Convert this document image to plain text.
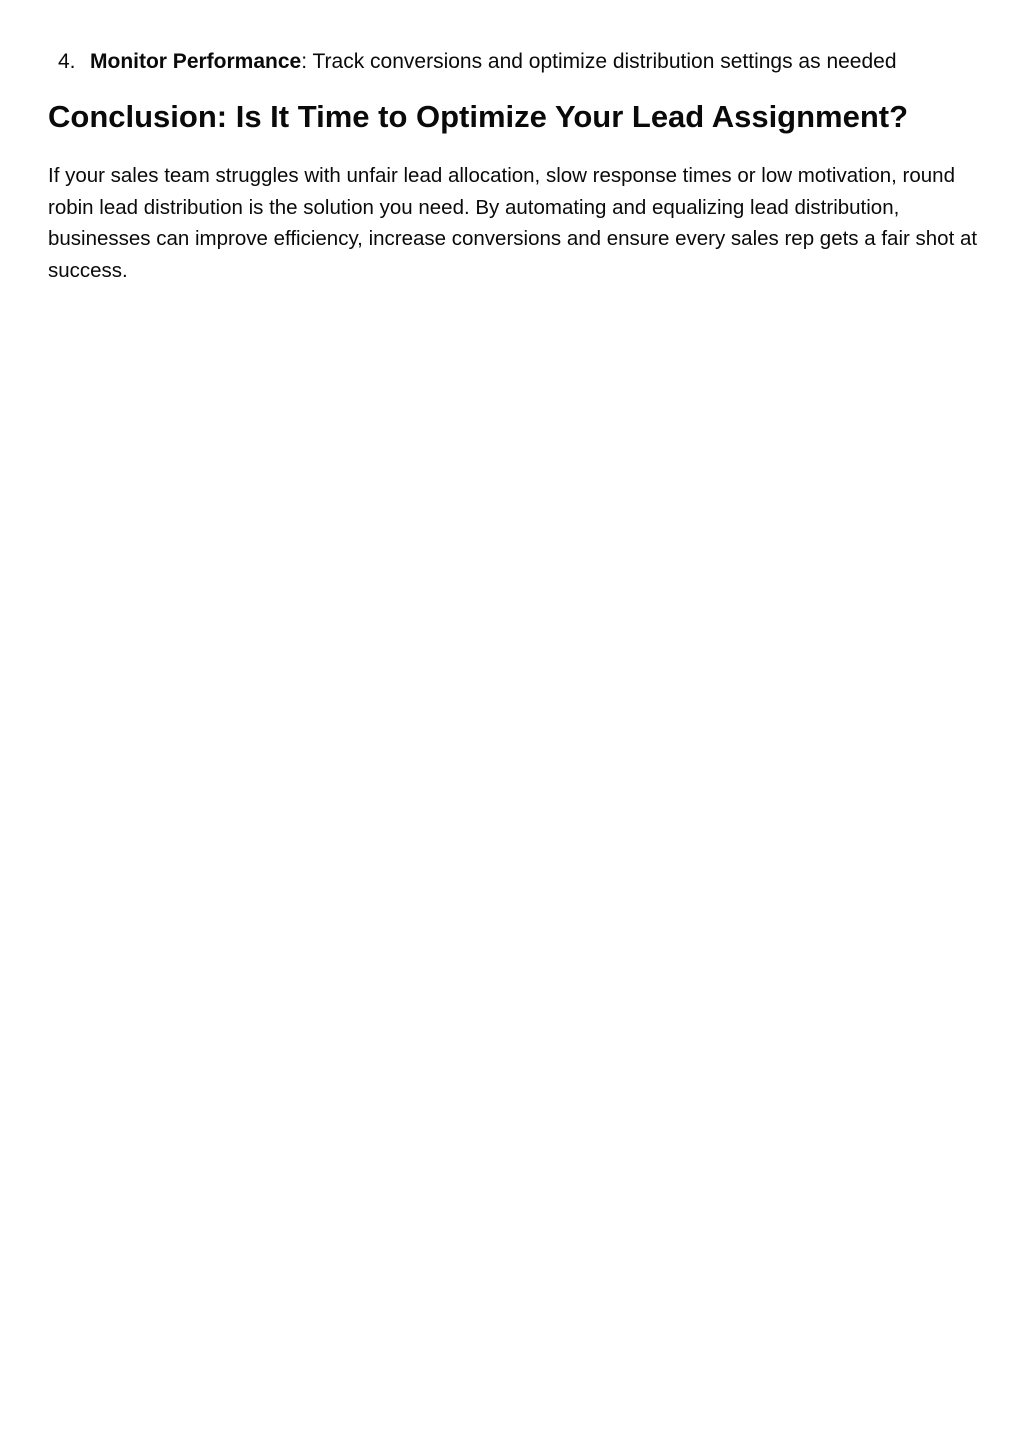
4. Monitor Performance: Track conversions and optimize distribution settings as needed
Conclusion: Is It Time to Optimize Your Lead Assignment?

If your sales team struggles with unfair lead allocation, slow response times or low motivation, round robin lead distribution is the solution you need. By automating and equalizing lead distribution, businesses can improve efficiency, increase conversions and ensure every sales rep gets a fair shot at success.
